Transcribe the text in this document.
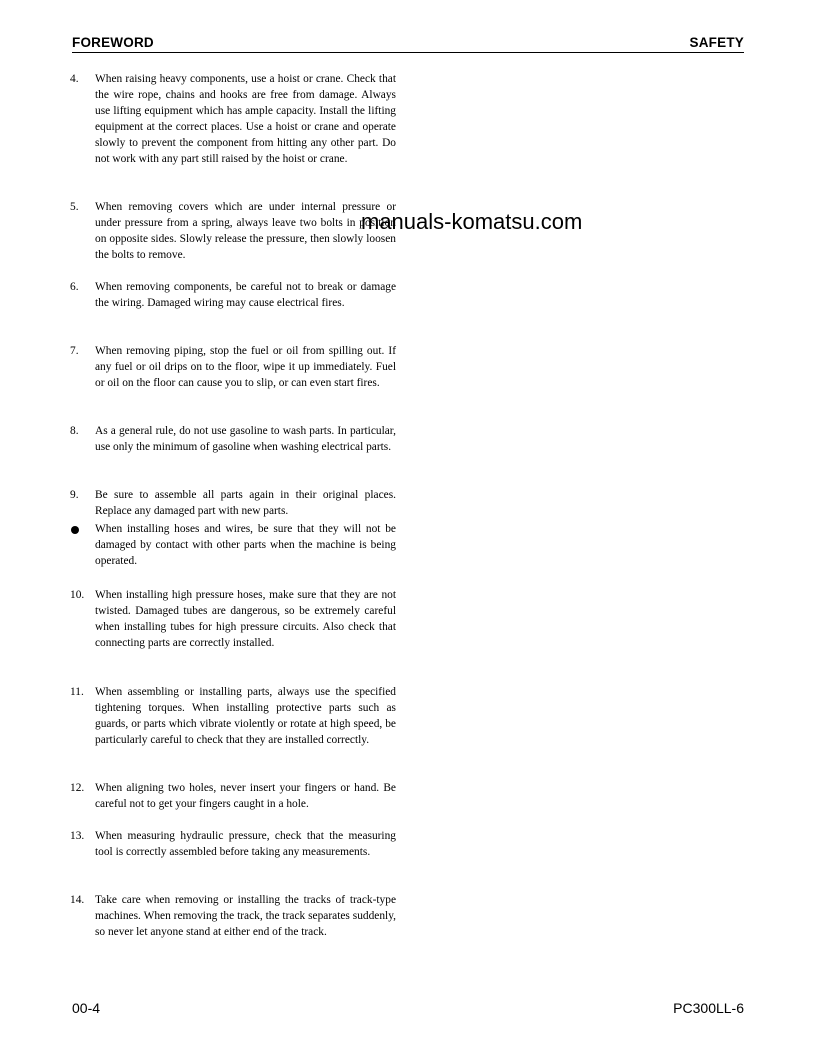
FOREWORD	SAFETY
4.	When raising heavy components, use a hoist or crane. Check that the wire rope, chains and hooks are free from damage. Always use lifting equipment which has ample capacity. Install the lifting equipment at the correct places. Use a hoist or crane and operate slowly to prevent the component from hitting any other part. Do not work with any part still raised by the hoist or crane.
5.	When removing covers which are under internal pressure or under pressure from a spring, always leave two bolts in position on opposite sides. Slowly release the pressure, then slowly loosen the bolts to remove.
6.	When removing components, be careful not to break or damage the wiring. Damaged wiring may cause electrical fires.
7.	When removing piping, stop the fuel or oil from spilling out. If any fuel or oil drips on to the floor, wipe it up immediately. Fuel or oil on the floor can cause you to slip, or can even start fires.
8.	As a general rule, do not use gasoline to wash parts. In particular, use only the minimum of gasoline when washing electrical parts.
9.	Be sure to assemble all parts again in their original places. Replace any damaged part with new parts.
When installing hoses and wires, be sure that they will not be damaged by contact with other parts when the machine is being operated.
10. When installing high pressure hoses, make sure that they are not twisted. Damaged tubes are dangerous, so be extremely careful when installing tubes for high pressure circuits. Also check that connecting parts are correctly installed.
11. When assembling or installing parts, always use the specified tightening torques. When installing protective parts such as guards, or parts which vibrate violently or rotate at high speed, be particularly careful to check that they are installed correctly.
12. When aligning two holes, never insert your fingers or hand. Be careful not to get your fingers caught in a hole.
13. When measuring hydraulic pressure, check that the measuring tool is correctly assembled before taking any measurements.
14. Take care when removing or installing the tracks of track-type machines. When removing the track, the track separates suddenly, so never let anyone stand at either end of the track.
manuals-komatsu.com
00-4	PC300LL-6
